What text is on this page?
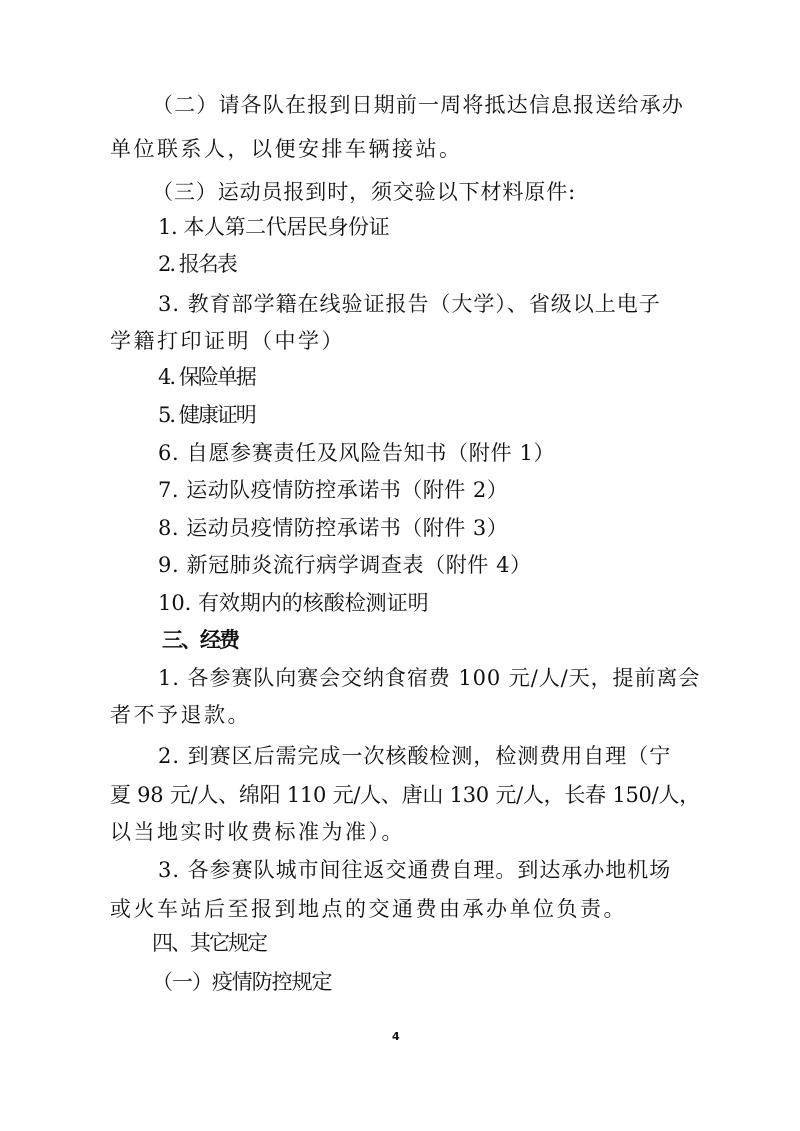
（二）请各队在报到日期前一周将抵达信息报送给承办

单位联系人，以便安排车辆接站。

（三）运动员报到时，须交验以下材料原件:

1. 本人第二代居民身份证

2. 报名表

3. 教育部学籍在线验证报告（大学）、省级以上电子

学籍打印证明（中学）

4. 保险单据

5. 健康证明

6. 自愿参赛责任及风险告知书（附件 1）

7. 运动队疫情防控承诺书（附件 2）

8. 运动员疫情防控承诺书（附件 3）

9. 新冠肺炎流行病学调查表（附件 4）

10. 有效期内的核酸检测证明

三、经费

1. 各参赛队向赛会交纳食宿费 100 元/人/天，提前离会

者不予退款。

2. 到赛区后需完成一次核酸检测，检测费用自理（宁

夏 98 元/人、绵阳 110 元/人、唐山 130 元/人，长春 150/人，

以当地实时收费标准为准）。

3. 各参赛队城市间往返交通费自理。到达承办地机场

或火车站后至报到地点的交通费由承办单位负责。

四、其它规定

（一）疫情防控规定

4
